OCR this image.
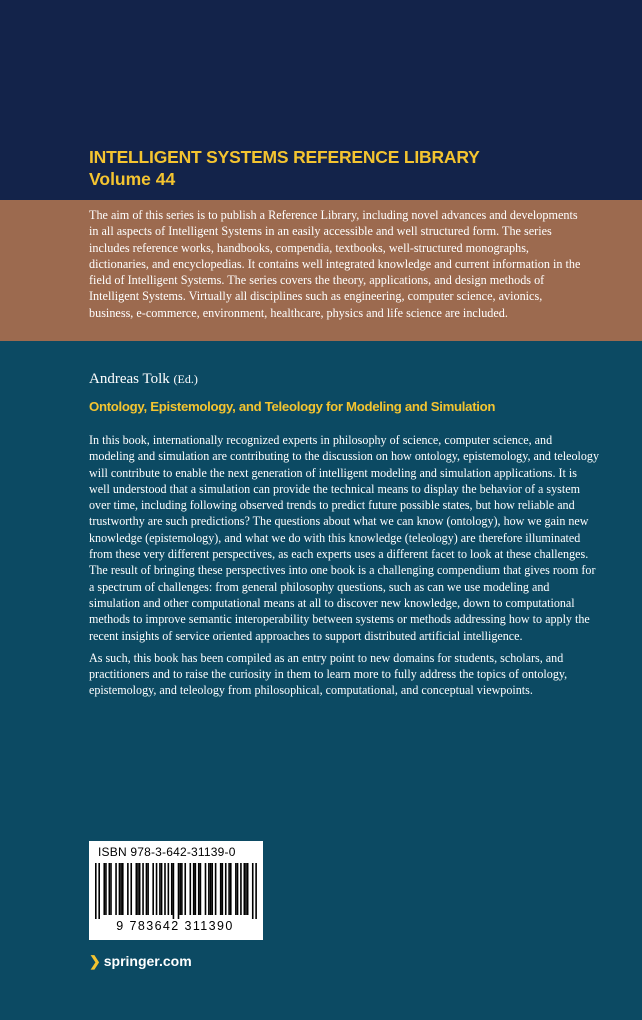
INTELLIGENT SYSTEMS REFERENCE LIBRARY
Volume 44
The aim of this series is to publish a Reference Library, including novel advances and developments in all aspects of Intelligent Systems in an easily accessible and well structured form. The series includes reference works, handbooks, compendia, textbooks, well-structured monographs, dictionaries, and encyclopedias. It contains well integrated knowledge and current information in the field of Intelligent Systems. The series covers the theory, applications, and design methods of Intelligent Systems. Virtually all disciplines such as engineering, computer science, avionics, business, e-commerce, environment, healthcare, physics and life science are included.
Andreas Tolk (Ed.)
Ontology, Epistemology, and Teleology for Modeling and Simulation

In this book, internationally recognized experts in philosophy of science, computer science, and modeling and simulation are contributing to the discussion on how ontology, epistemology, and teleology will contribute to enable the next generation of intelligent modeling and simulation applications. It is well understood that a simulation can provide the technical means to display the behavior of a system over time, including following observed trends to predict future possible states, but how reliable and trustworthy are such predictions? The questions about what we can know (ontology), how we gain new knowledge (epistemology), and what we do with this knowledge (teleology) are therefore illuminated from these very different perspectives, as each experts uses a different facet to look at these challenges. The result of bringing these perspectives into one book is a challenging compendium that gives room for a spectrum of challenges: from general philosophy questions, such as can we use modeling and simulation and other computational means at all to discover new knowledge, down to computational methods to improve semantic interoperability between systems or methods addressing how to apply the recent insights of service oriented approaches to support distributed artificial intelligence.

As such, this book has been compiled as an entry point to new domains for students, scholars, and practitioners and to raise the curiosity in them to learn more to fully address the topics of ontology, epistemology, and teleology from philosophical, computational, and conceptual viewpoints.

ISBN 978-3-642-31139-0
9 783642 311390
❯ springer.com
